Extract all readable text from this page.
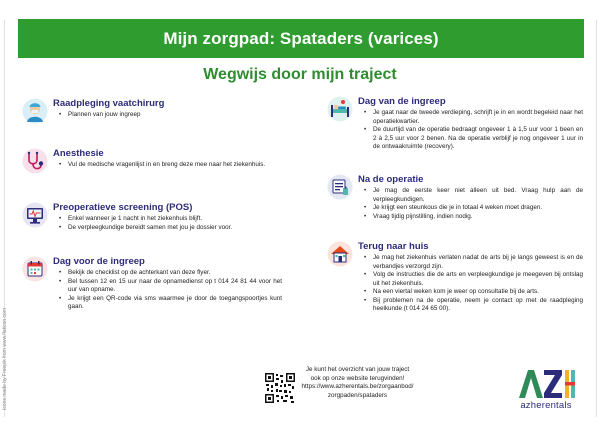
Mijn zorgpad: Spataders (varices)
Wegwijs door mijn traject
Icons made by Freepik from www.flaticon.com
Raadpleging vaatchirurg
• Plannen van jouw ingreep
Anesthesie
• Vul de medische vragenlijst in en breng deze mee naar het ziekenhuis.
Preoperatieve screening (POS)
• Enkel wanneer je 1 nacht in het ziekenhuis blijft.
• De verpleegkundige bereidt samen met jou je dossier voor.
Dag voor de ingreep
• Bekijk de checklist op de achterkant van deze flyer.
• Bel tussen 12 en 15 uur naar de opnamedienst op t 014 24 81 44 voor het uur van opname.
• Je krijgt een QR-code via sms waarmee je door de toegangspoortjes kunt gaan.
Dag van de ingreep
• Je gaat naar de tweede verdieping, schrijft je in en wordt begeleid naar het operatiekwartier.
• De duurtijd van de operatie bedraagt ongeveer 1 à 1,5 uur voor 1 been en 2 à 2,5 uur voor 2 benen. Na de operatie verblijf je nog ongeveer 1 uur in de ontwaakruimte (recovery).
Na de operatie
• Je mag de eerste keer niet alleen uit bed. Vraag hulp aan de verpleegkundigen.
• Je krijgt een steunkous die je in totaal 4 weken moet dragen.
• Vraag tijdig pijnstilling, indien nodig.
Terug naar huis
• Je mag het ziekenhuis verlaten nadat de arts bij je langs geweest is en de verbandjes verzorgd zijn.
• Volg de instructies die de arts en verpleegkundige je meegeven bij ontslag uit het ziekenhuis.
• Na een viertal weken kom je weer op consultatie bij de arts.
• Bij problemen na de operatie, neem je contact op met de raadpleging heelkunde (t 014 24 65 00).
Je kunt het overzicht van jouw traject
ook op onze website terugvinden!
https://www.azherentals.be/zorgaanbod/
zorgpaden/spataders
azherentals
